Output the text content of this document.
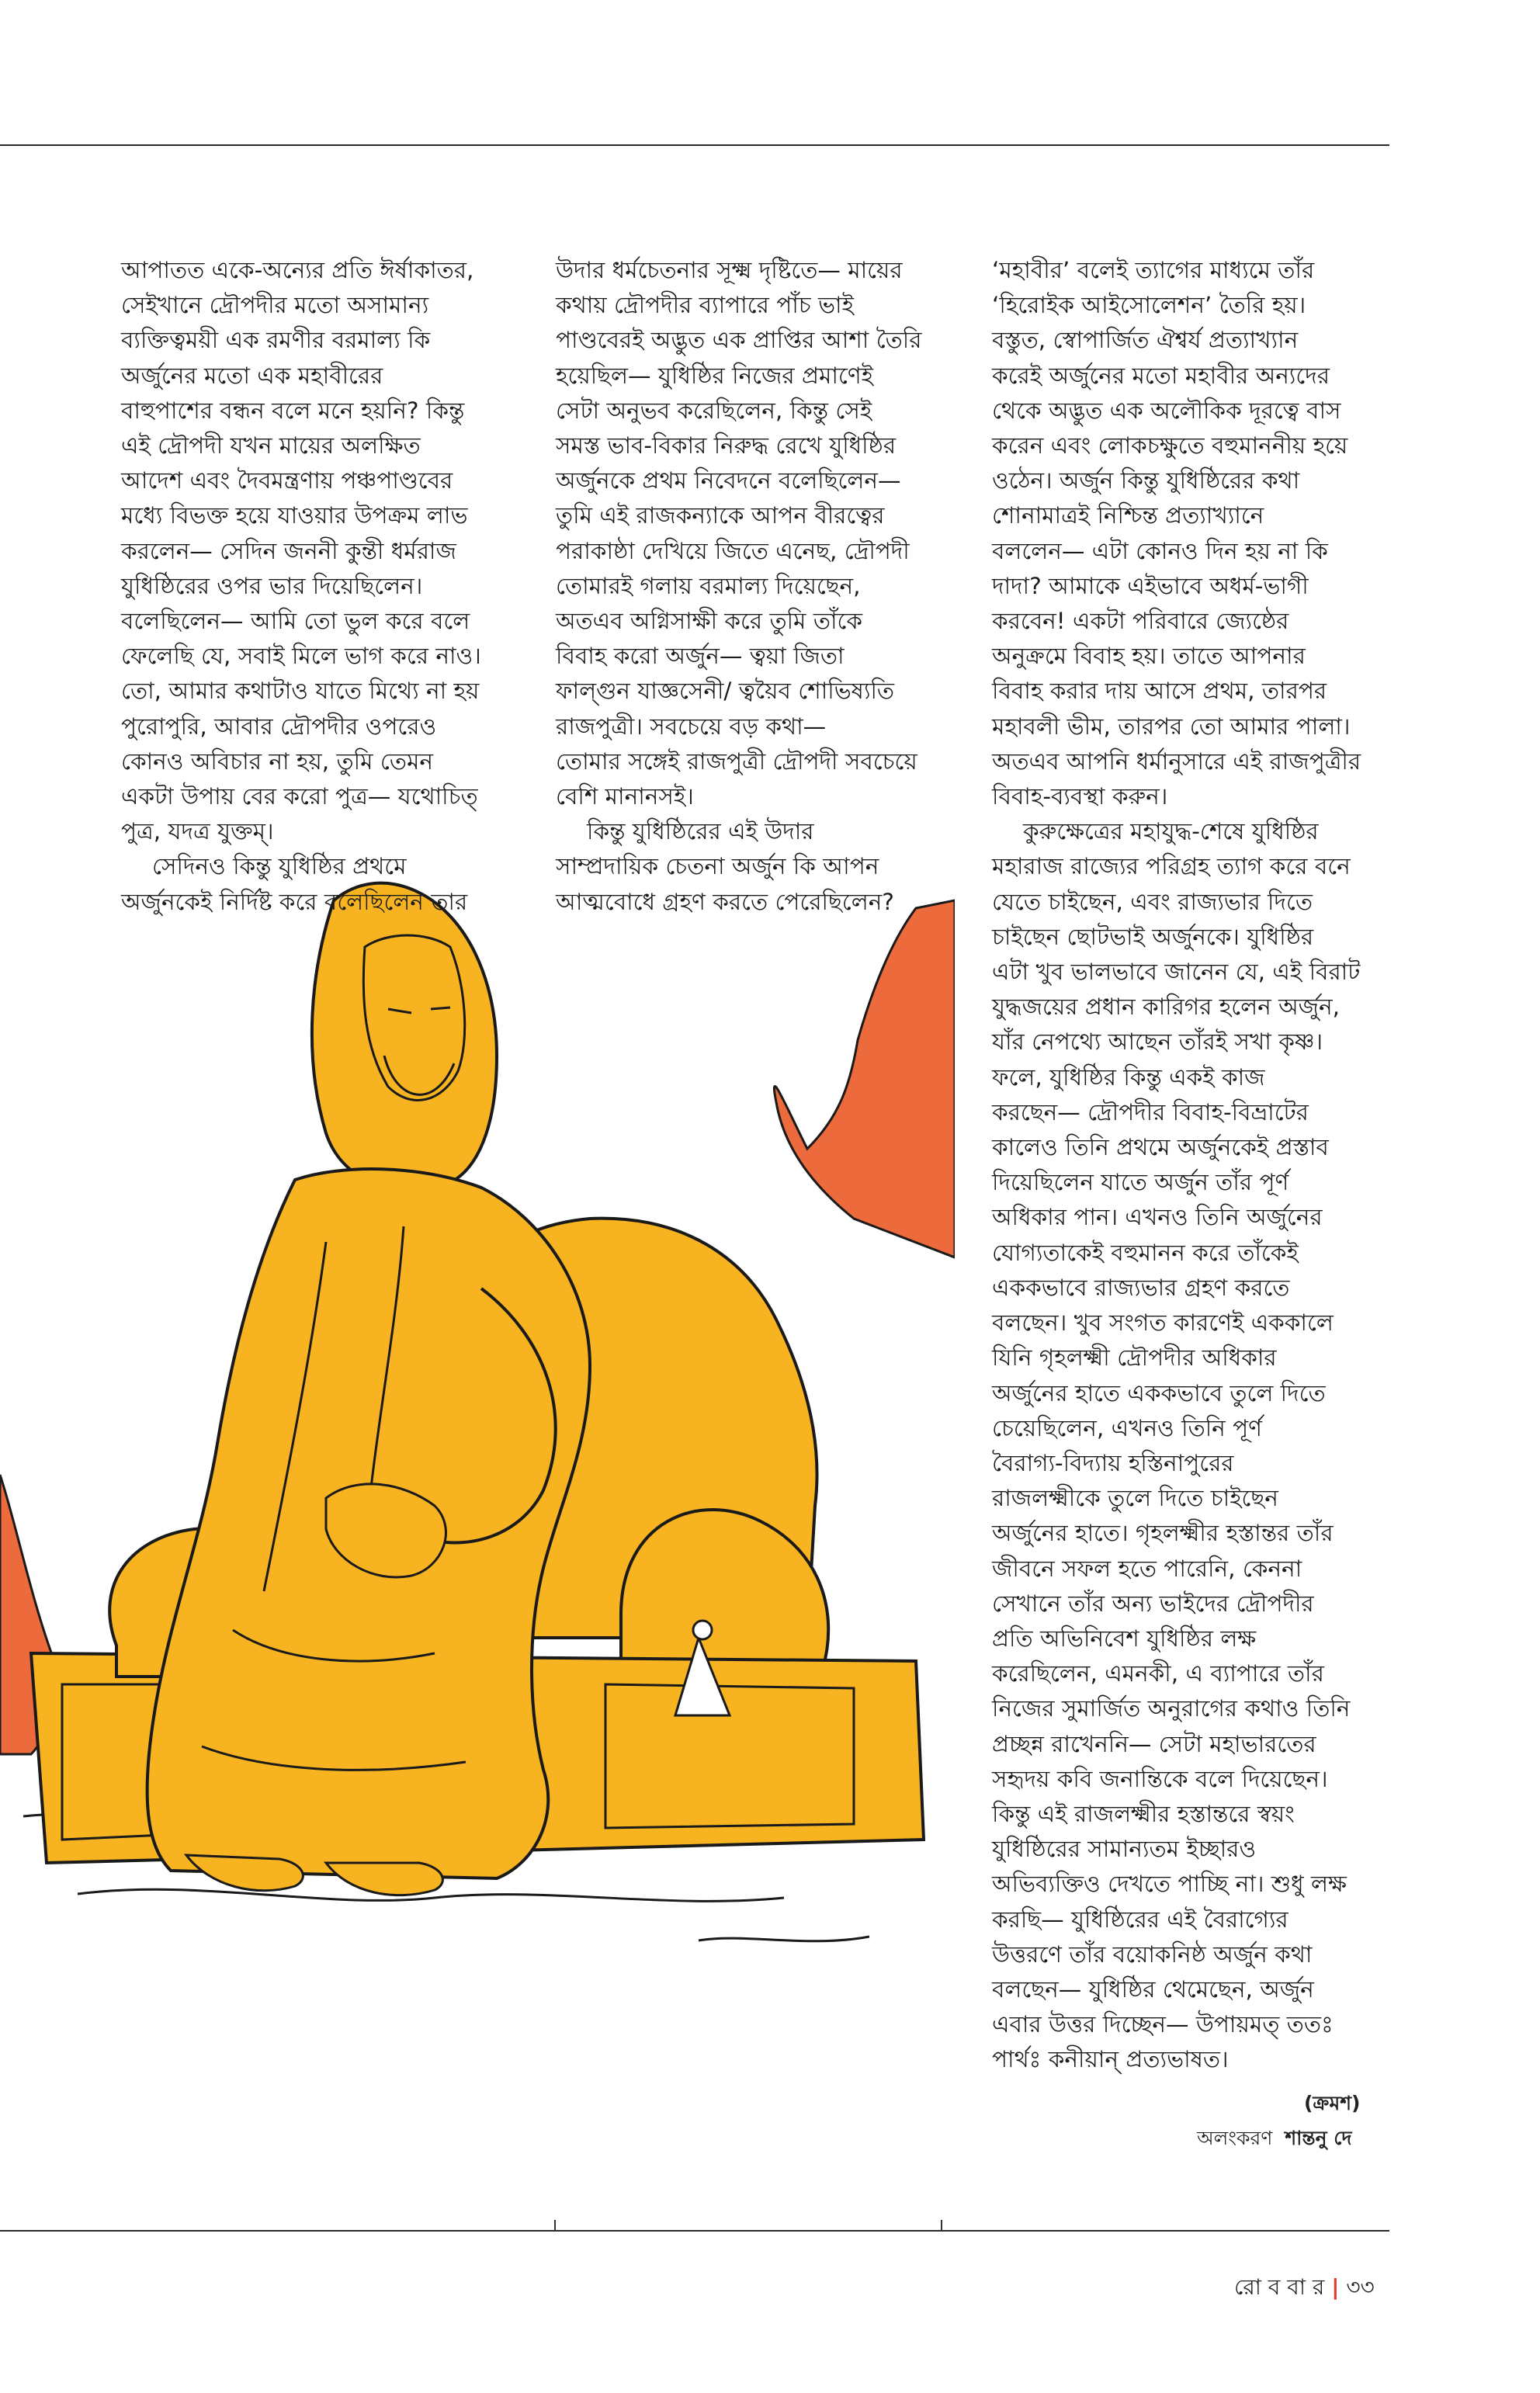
আপাতত একে-অন্যের প্রতি ঈর্ষাকাতর,

সেইখানে দ্রৌপদীর মতো অসামান্য

ব্যক্তিত্বময়ী এক রমণীর বরমাল্য কি

অর্জুনের মতো এক মহাবীরের

বাহুপাশের বন্ধন বলে মনে হয়নি? কিন্তু

এই দ্রৌপদী যখন মায়ের অলক্ষিত

আদেশ এবং দৈবমন্ত্রণায় পঞ্চপাণ্ডবের

মধ্যে বিভক্ত হয়ে যাওয়ার উপক্রম লাভ

করলেন— সেদিন জননী কুন্তী ধর্মরাজ

যুধিষ্ঠিরের ওপর ভার দিয়েছিলেন।

বলেছিলেন— আমি তো ভুল করে বলে

ফেলেছি যে, সবাই মিলে ভাগ করে নাও।

তো, আমার কথাটাও যাতে মিথ্যে না হয়

পুরোপুরি, আবার দ্রৌপদীর ওপরেও

কোনও অবিচার না হয়, তুমি তেমন

একটা উপায় বের করো পুত্র— যথোচিত্

পুত্র, যদত্র যুক্তম্।

সেদিনও কিন্তু যুধিষ্ঠির প্রথমে

অর্জুনকেই নির্দিষ্ট করে বলেছিলেন তার

উদার ধর্মচেতনার সূক্ষ্ম দৃষ্টিতে— মায়ের

কথায় দ্রৌপদীর ব্যাপারে পাঁচ ভাই

পাণ্ডবেরই অদ্ভুত এক প্রাপ্তির আশা তৈরি

হয়েছিল— যুধিষ্ঠির নিজের প্রমাণেই

সেটা অনুভব করেছিলেন, কিন্তু সেই

সমস্ত ভাব-বিকার নিরুদ্ধ রেখে যুধিষ্ঠির

অর্জুনকে প্রথম নিবেদনে বলেছিলেন—

তুমি এই রাজকন্যাকে আপন বীরত্বের

পরাকাষ্ঠা দেখিয়ে জিতে এনেছ, দ্রৌপদী

তোমারই গলায় বরমাল্য দিয়েছেন,

অতএব অগ্নিসাক্ষী করে তুমি তাঁকে

বিবাহ করো অর্জুন— ত্বয়া জিতা

ফাল্গুন যাজ্ঞসেনী/ ত্বয়ৈব শোভিষ্যতি

রাজপুত্রী। সবচেয়ে বড় কথা—

তোমার সঙ্গেই রাজপুত্রী দ্রৌপদী সবচেয়ে

বেশি মানানসই।

কিন্তু যুধিষ্ঠিরের এই উদার

সাম্প্রদায়িক চেতনা অর্জুন কি আপন

আত্মবোধে গ্রহণ করতে পেরেছিলেন?

‘মহাবীর’ বলেই ত্যাগের মাধ্যমে তাঁর

‘হিরোইক আইসোলেশন’ তৈরি হয়।

বস্তুত, স্বোপার্জিত ঐশ্বর্য প্রত্যাখ্যান

করেই অর্জুনের মতো মহাবীর অন্যদের

থেকে অদ্ভুত এক অলৌকিক দূরত্বে বাস

করেন এবং লোকচক্ষুতে বহুমাননীয় হয়ে

ওঠেন। অর্জুন কিন্তু যুধিষ্ঠিরের কথা

শোনামাত্রই নিশ্চিন্ত প্রত্যাখ্যানে

বললেন— এটা কোনও দিন হয় না কি

দাদা? আমাকে এইভাবে অধর্ম-ভাগী

করবেন! একটা পরিবারে জ্যেষ্ঠের

অনুক্রমে বিবাহ হয়। তাতে আপনার

বিবাহ করার দায় আসে প্রথম, তারপর

মহাবলী ভীম, তারপর তো আমার পালা।

অতএব আপনি ধর্মানুসারে এই রাজপুত্রীর

বিবাহ-ব্যবস্থা করুন।

কুরুক্ষেত্রের মহাযুদ্ধ-শেষে যুধিষ্ঠির

মহারাজ রাজ্যের পরিগ্রহ ত্যাগ করে বনে

যেতে চাইছেন, এবং রাজ্যভার দিতে

চাইছেন ছোটভাই অর্জুনকে। যুধিষ্ঠির

এটা খুব ভালভাবে জানেন যে, এই বিরাট

যুদ্ধজয়ের প্রধান কারিগর হলেন অর্জুন,

যাঁর নেপথ্যে আছেন তাঁরই সখা কৃষ্ণ।

ফলে, যুধিষ্ঠির কিন্তু একই কাজ

করছেন— দ্রৌপদীর বিবাহ-বিভ্রাটের

কালেও তিনি প্রথমে অর্জুনকেই প্রস্তাব

দিয়েছিলেন যাতে অর্জুন তাঁর পূর্ণ

অধিকার পান। এখনও তিনি অর্জুনের

যোগ্যতাকেই বহুমানন করে তাঁকেই

এককভাবে রাজ্যভার গ্রহণ করতে

বলছেন। খুব সংগত কারণেই এককালে

যিনি গৃহলক্ষ্মী দ্রৌপদীর অধিকার

অর্জুনের হাতে এককভাবে তুলে দিতে

চেয়েছিলেন, এখনও তিনি পূর্ণ

বৈরাগ্য-বিদ্যায় হস্তিনাপুরের

রাজলক্ষ্মীকে তুলে দিতে চাইছেন

অর্জুনের হাতে। গৃহলক্ষ্মীর হস্তান্তর তাঁর

জীবনে সফল হতে পারেনি, কেননা

সেখানে তাঁর অন্য ভাইদের দ্রৌপদীর

প্রতি অভিনিবেশ যুধিষ্ঠির লক্ষ

করেছিলেন, এমনকী, এ ব্যাপারে তাঁর

নিজের সুমার্জিত অনুরাগের কথাও তিনি

প্রচ্ছন্ন রাখেননি— সেটা মহাভারতের

সহৃদয় কবি জনান্তিকে বলে দিয়েছেন।

কিন্তু এই রাজলক্ষ্মীর হস্তান্তরে স্বয়ং

যুধিষ্ঠিরের সামান্যতম ইচ্ছারও

অভিব্যক্তিও দেখতে পাচ্ছি না। শুধু লক্ষ

করছি— যুধিষ্ঠিরের এই বৈরাগ্যের

উত্তরণে তাঁর বয়োকনিষ্ঠ অর্জুন কথা

বলছেন— যুধিষ্ঠির থেমেছেন, অর্জুন

এবার উত্তর দিচ্ছেন— উপায়মত্ ততঃ

পার্থঃ কনীয়ান্ প্রত্যভাষত।

(ক্রমশ)
অলংকরণ শান্তনু দে
রো ব বা র | ৩৩
